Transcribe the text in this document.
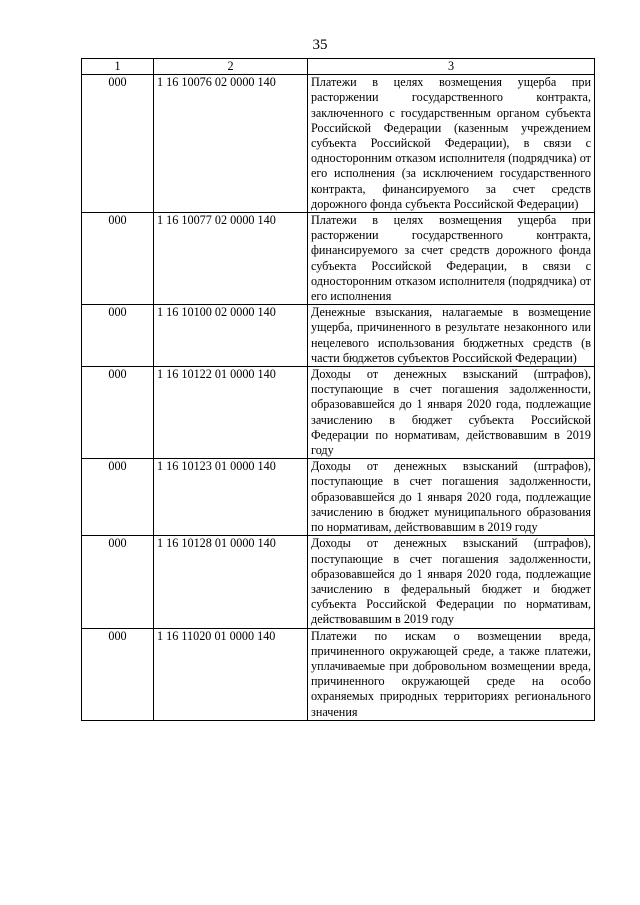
35
1	2	3
000	1 16 10076 02 0000 140	Платежи в целях возмещения ущерба при расторжении государственного контракта, заключенного с государственным органом субъекта Российской Федерации (казенным учреждением субъекта Российской Федерации), в связи с односторонним отказом исполнителя (подрядчика) от его исполнения (за исключением государственного контракта, финансируемого за счет средств дорожного фонда субъекта Российской Федерации)
000	1 16 10077 02 0000 140	Платежи в целях возмещения ущерба при расторжении государственного контракта, финансируемого за счет средств дорожного фонда субъекта Российской Федерации, в связи с односторонним отказом исполнителя (подрядчика) от его исполнения
000	1 16 10100 02 0000 140	Денежные взыскания, налагаемые в возмещение ущерба, причиненного в результате незаконного или нецелевого использования бюджетных средств (в части бюджетов субъектов Российской Федерации)
000	1 16 10122 01 0000 140	Доходы от денежных взысканий (штрафов), поступающие в счет погашения задолженности, образовавшейся до 1 января 2020 года, подлежащие зачислению в бюджет субъекта Российской Федерации по нормативам, действовавшим в 2019 году
000	1 16 10123 01 0000 140	Доходы от денежных взысканий (штрафов), поступающие в счет погашения задолженности, образовавшейся до 1 января 2020 года, подлежащие зачислению в бюджет муниципального образования по нормативам, действовавшим в 2019 году
000	1 16 10128 01 0000 140	Доходы от денежных взысканий (штрафов), поступающие в счет погашения задолженности, образовавшейся до 1 января 2020 года, подлежащие зачислению в федеральный бюджет и бюджет субъекта Российской Федерации по нормативам, действовавшим в 2019 году
000	1 16 11020 01 0000 140	Платежи по искам о возмещении вреда, причиненного окружающей среде, а также платежи, уплачиваемые при добровольном возмещении вреда, причиненного окружающей среде на особо охраняемых природных территориях регионального значения
